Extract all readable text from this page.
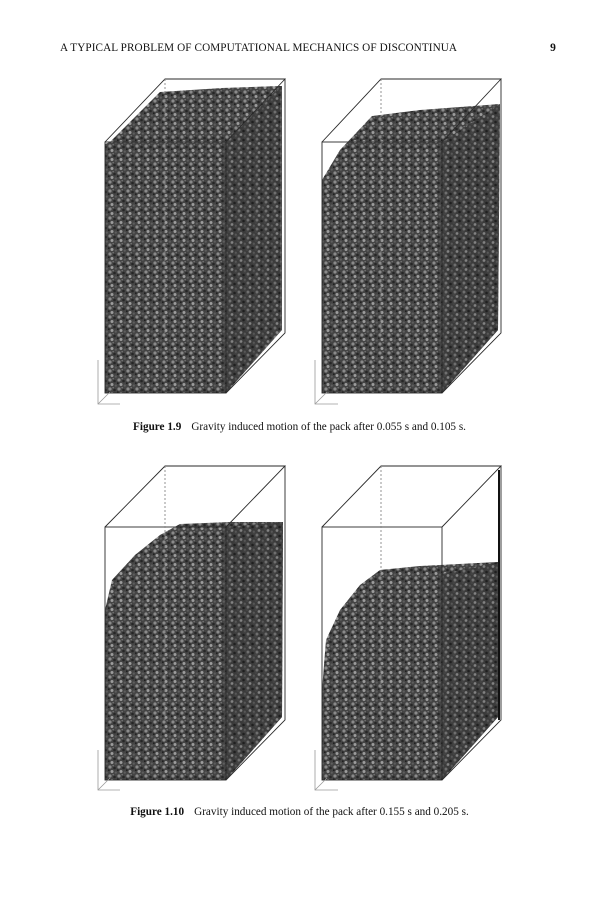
A TYPICAL PROBLEM OF COMPUTATIONAL MECHANICS OF DISCONTINUA	9
Figure 1.9 Gravity induced motion of the pack after 0.055 s and 0.105 s.
Figure 1.10 Gravity induced motion of the pack after 0.155 s and 0.205 s.
